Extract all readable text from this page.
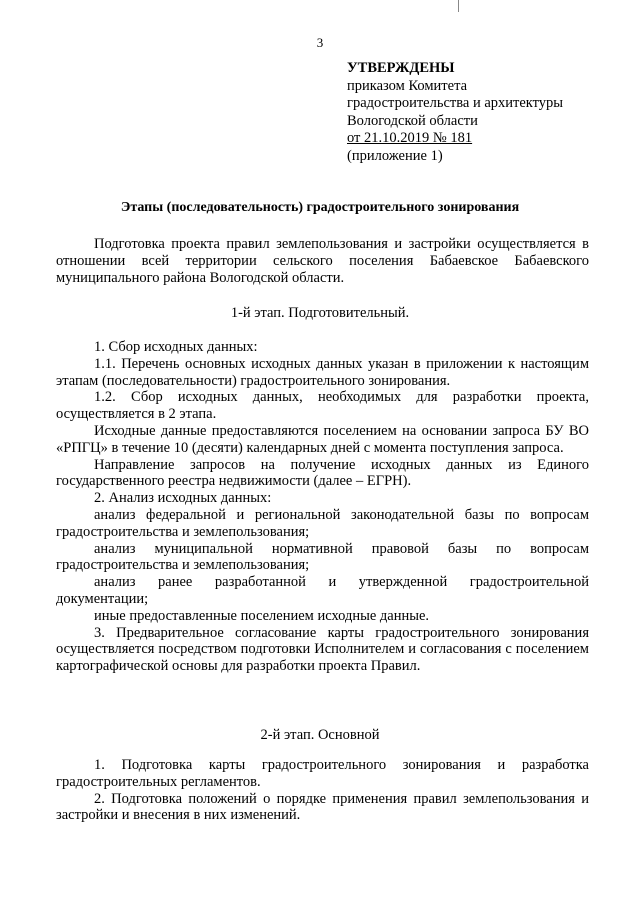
3
УТВЕРЖДЕНЫ
приказом Комитета
градостроительства и архитектуры
Вологодской области
от 21.10.2019 № 181
(приложение 1)
Этапы (последовательность) градостроительного зонирования

Подготовка проекта правил землепользования и застройки осуществляется в отношении всей территории сельского поселения Бабаевское Бабаевского муниципального района Вологодской области.

1-й этап. Подготовительный.

1. Сбор исходных данных:

1.1. Перечень основных исходных данных указан в приложении к настоящим этапам (последовательности) градостроительного зонирования.

1.2. Сбор исходных данных, необходимых для разработки проекта, осуществляется в 2 этапа.

Исходные данные предоставляются поселением на основании запроса БУ ВО «РПГЦ» в течение 10 (десяти) календарных дней с момента поступления запроса.

Направление запросов на получение исходных данных из Единого государственного реестра недвижимости (далее – ЕГРН).

2. Анализ исходных данных:

анализ федеральной и региональной законодательной базы по вопросам градостроительства и землепользования;

анализ муниципальной нормативной правовой базы по вопросам градостроительства и землепользования;

анализ ранее разработанной и утвержденной градостроительной документации;

иные предоставленные поселением исходные данные.

3. Предварительное согласование карты градостроительного зонирования осуществляется посредством подготовки Исполнителем и согласования с поселением картографической основы для разработки проекта Правил.

2-й этап. Основной

1. Подготовка карты градостроительного зонирования и разработка градостроительных регламентов.

2. Подготовка положений о порядке применения правил землепользования и застройки и внесения в них изменений.
